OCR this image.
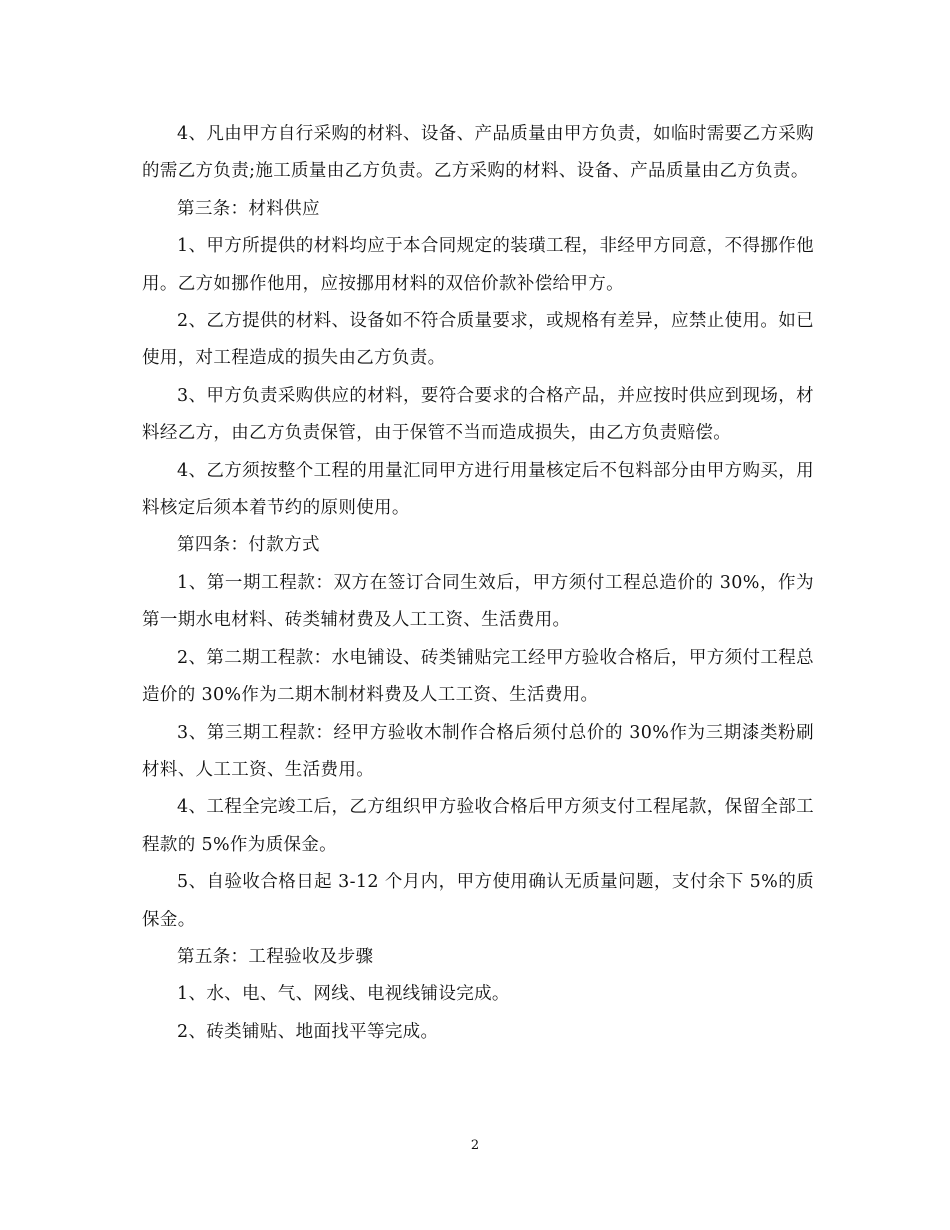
4、凡由甲方自行采购的材料、设备、产品质量由甲方负责，如临时需要乙方采购的需乙方负责;施工质量由乙方负责。乙方采购的材料、设备、产品质量由乙方负责。

第三条：材料供应

1、甲方所提供的材料均应于本合同规定的装璜工程，非经甲方同意，不得挪作他用。乙方如挪作他用，应按挪用材料的双倍价款补偿给甲方。

2、乙方提供的材料、设备如不符合质量要求，或规格有差异，应禁止使用。如已使用，对工程造成的损失由乙方负责。

3、甲方负责采购供应的材料，要符合要求的合格产品，并应按时供应到现场，材料经乙方，由乙方负责保管，由于保管不当而造成损失，由乙方负责赔偿。

4、乙方须按整个工程的用量汇同甲方进行用量核定后不包料部分由甲方购买，用料核定后须本着节约的原则使用。

第四条：付款方式

1、第一期工程款：双方在签订合同生效后，甲方须付工程总造价的 30%，作为第一期水电材料、砖类辅材费及人工工资、生活费用。

2、第二期工程款：水电铺设、砖类铺贴完工经甲方验收合格后，甲方须付工程总造价的 30%作为二期木制材料费及人工工资、生活费用。

3、第三期工程款：经甲方验收木制作合格后须付总价的 30%作为三期漆类粉刷材料、人工工资、生活费用。

4、工程全完竣工后，乙方组织甲方验收合格后甲方须支付工程尾款，保留全部工程款的 5%作为质保金。

5、自验收合格日起 3-12 个月内，甲方使用确认无质量问题，支付余下 5%的质保金。

第五条：工程验收及步骤

1、水、电、气、网线、电视线铺设完成。

2、砖类铺贴、地面找平等完成。

2
